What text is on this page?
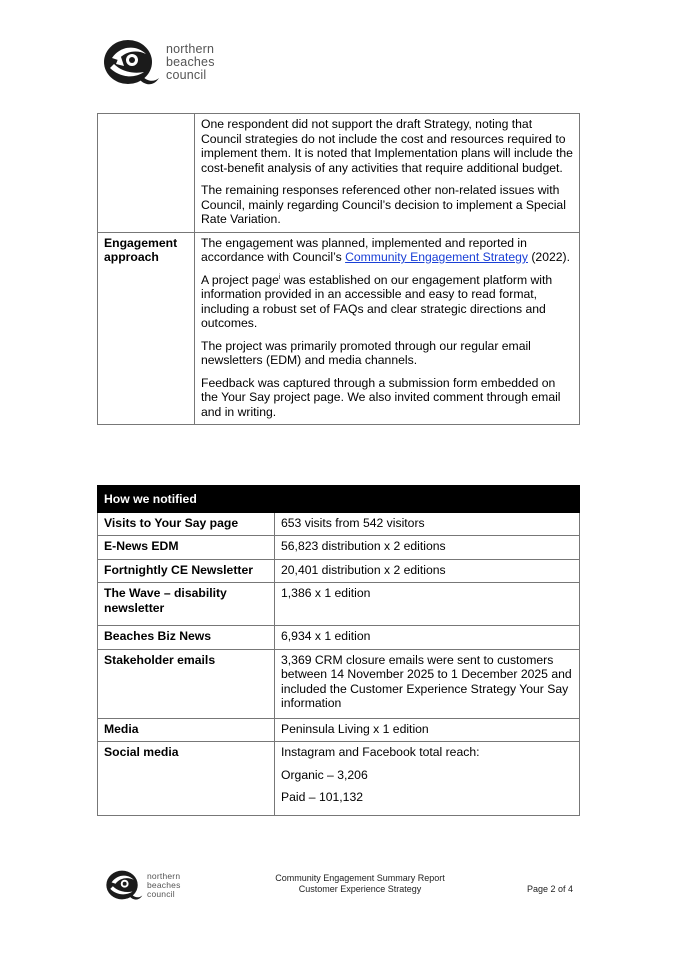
northern
beaches
council

	One respondent did not support the draft Strategy, noting that Council strategies do not include the cost and resources required to implement them. It is noted that Implementation plans will include the cost-benefit analysis of any activities that require additional budget.

The remaining responses referenced other non-related issues with Council, mainly regarding Council’s decision to implement a Special Rate Variation.

Engagement approach	The engagement was planned, implemented and reported in accordance with Council’s Community Engagement Strategy (2022).

A project page$^i$ was established on our engagement platform with information provided in an accessible and easy to read format, including a robust set of FAQs and clear strategic directions and outcomes.

The project was primarily promoted through our regular email newsletters (EDM) and media channels.

Feedback was captured through a submission form embedded on the Your Say project page. We also invited comment through email and in writing.

How we notified	
Visits to Your Say page	653 visits from 542 visitors
E-News EDM	56,823 distribution x 2 editions
Fortnightly CE Newsletter	20,401 distribution x 2 editions
The Wave – disability newsletter	1,386 x 1 edition
Beaches Biz News	6,934 x 1 edition
Stakeholder emails	3,369 CRM closure emails were sent to customers between 14 November 2025 to 1 December 2025 and included the Customer Experience Strategy Your Say information
Media	Peninsula Living x 1 edition
Social media	Instagram and Facebook total reach:

Organic – 3,206

Paid – 101,132

northern
beaches
council
Community Engagement Summary Report
Customer Experience Strategy	Page 2 of 4
